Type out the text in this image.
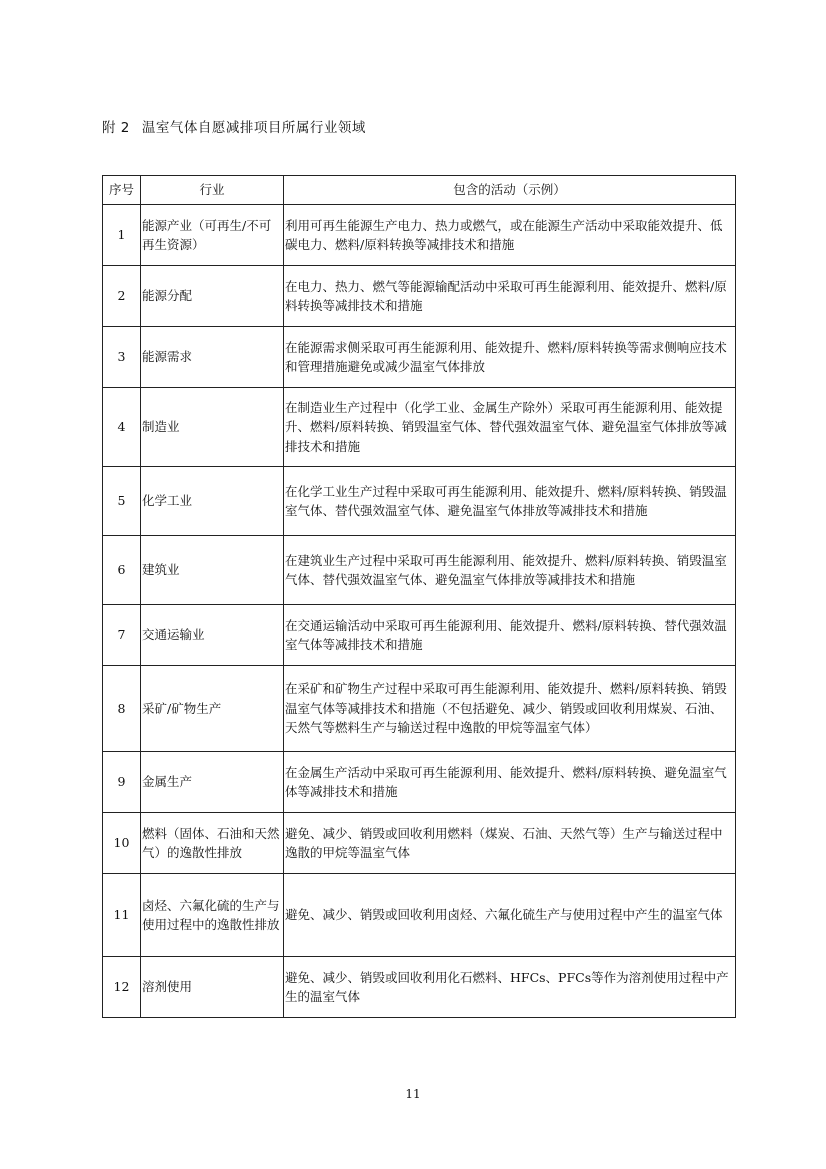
附 2 温室气体自愿减排项目所属行业领域
序号	行业	包含的活动（示例）
1	能源产业（可再生/不可再生资源）	利用可再生能源生产电力、热力或燃气，或在能源生产活动中采取能效提升、低碳电力、燃料/原料转换等减排技术和措施
2	能源分配	在电力、热力、燃气等能源输配活动中采取可再生能源利用、能效提升、燃料/原料转换等减排技术和措施
3	能源需求	在能源需求侧采取可再生能源利用、能效提升、燃料/原料转换等需求侧响应技术和管理措施避免或减少温室气体排放
4	制造业	在制造业生产过程中（化学工业、金属生产除外）采取可再生能源利用、能效提升、燃料/原料转换、销毁温室气体、替代强效温室气体、避免温室气体排放等减排技术和措施
5	化学工业	在化学工业生产过程中采取可再生能源利用、能效提升、燃料/原料转换、销毁温室气体、替代强效温室气体、避免温室气体排放等减排技术和措施
6	建筑业	在建筑业生产过程中采取可再生能源利用、能效提升、燃料/原料转换、销毁温室气体、替代强效温室气体、避免温室气体排放等减排技术和措施
7	交通运输业	在交通运输活动中采取可再生能源利用、能效提升、燃料/原料转换、替代强效温室气体等减排技术和措施
8	采矿/矿物生产	在采矿和矿物生产过程中采取可再生能源利用、能效提升、燃料/原料转换、销毁温室气体等减排技术和措施（不包括避免、减少、销毁或回收利用煤炭、石油、天然气等燃料生产与输送过程中逸散的甲烷等温室气体）
9	金属生产	在金属生产活动中采取可再生能源利用、能效提升、燃料/原料转换、避免温室气体等减排技术和措施
10	燃料（固体、石油和天然气）的逸散性排放	避免、减少、销毁或回收利用燃料（煤炭、石油、天然气等）生产与输送过程中逸散的甲烷等温室气体
11	卤烃、六氟化硫的生产与使用过程中的逸散性排放	避免、减少、销毁或回收利用卤烃、六氟化硫生产与使用过程中产生的温室气体
12	溶剂使用	避免、减少、销毁或回收利用化石燃料、HFCs、PFCs等作为溶剂使用过程中产生的温室气体
11
